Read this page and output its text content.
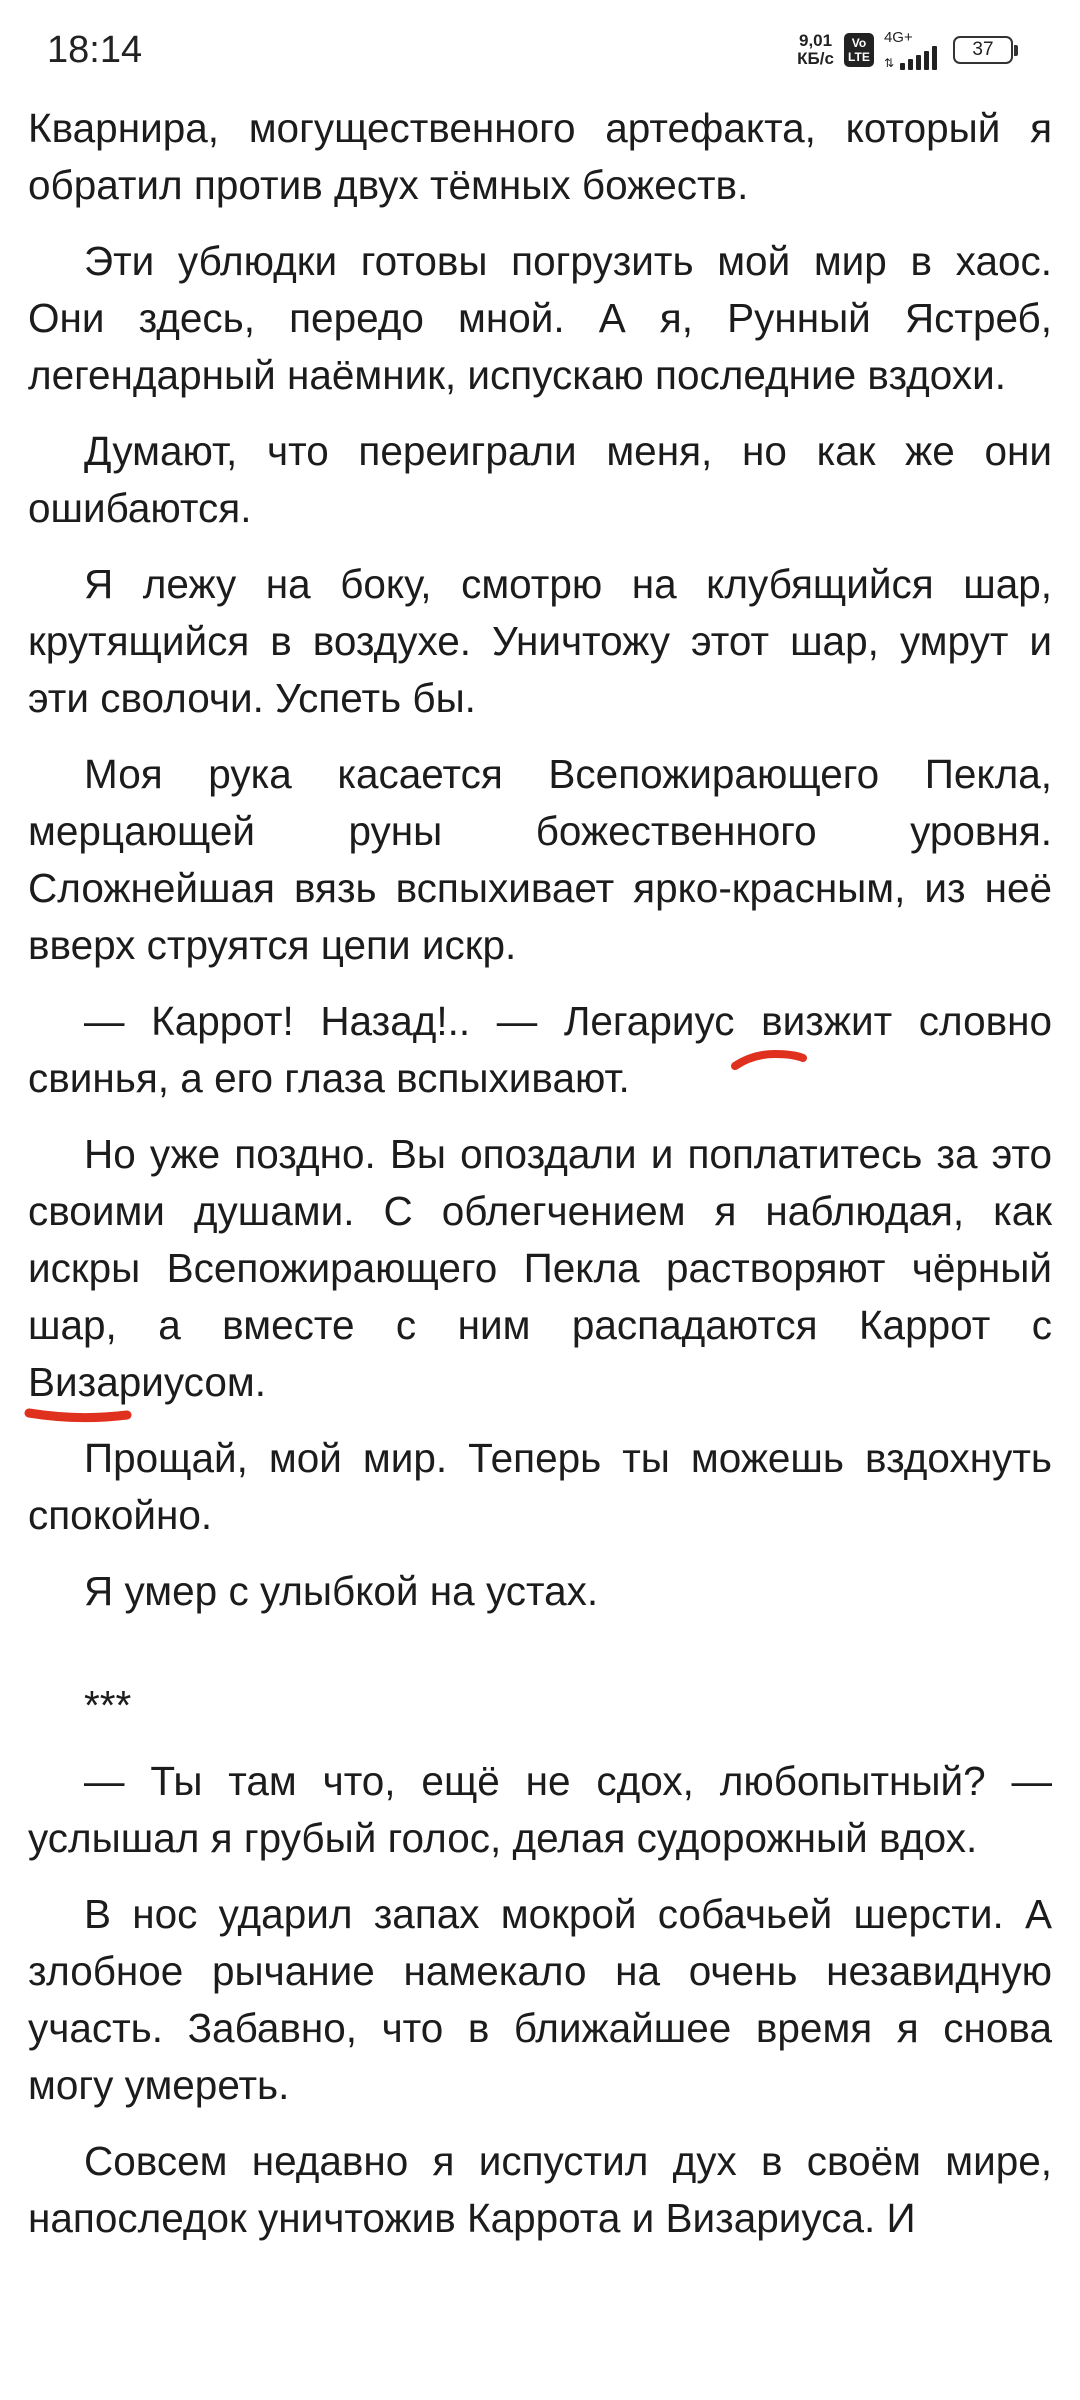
18:14	9,01
КБ/с
Vo
LTE
4G+
⇅
37

Кварнира, могущественного артефакта, который я обратил против двух тёмных божеств.

Эти ублюдки готовы погрузить мой мир в хаос. Они здесь, передо мной. А я, Рунный Ястреб, легендарный наёмник, испускаю последние вздохи.

Думают, что переиграли меня, но как же они ошибаются.

Я лежу на боку, смотрю на клубящийся шар, крутящийся в воздухе. Уничтожу этот шар, умрут и эти сволочи. Успеть бы.

Моя рука касается Всепожирающего Пекла, мерцающей руны божественного уровня. Сложнейшая вязь вспыхивает ярко-красным, из неё вверх струятся цепи искр.

— Каррот! Назад!.. — Легариус виз
жит словно свинья, а его глаза вспыхивают.

Но уже поздно. Вы опоздали и поплатитесь за это своими душами. С облегчением я наблюдая, как искры Всепожирающего Пекла растворяют чёрный шар, а вместе с ним распадаются Каррот с Виза
риусом.

Прощай, мой мир. Теперь ты можешь вздохнуть спокойно.

Я умер с улыбкой на устах.

***

— Ты там что, ещё не сдох, любопытный? — услышал я грубый голос, делая судорожный вдох.

В нос ударил запах мокрой собачьей шерсти. А злобное рычание намекало на очень незавидную участь. Забавно, что в ближайшее время я снова могу умереть.

Совсем недавно я испустил дух в своём мире, напоследок уничтожив Каррота и Визариуса. И
